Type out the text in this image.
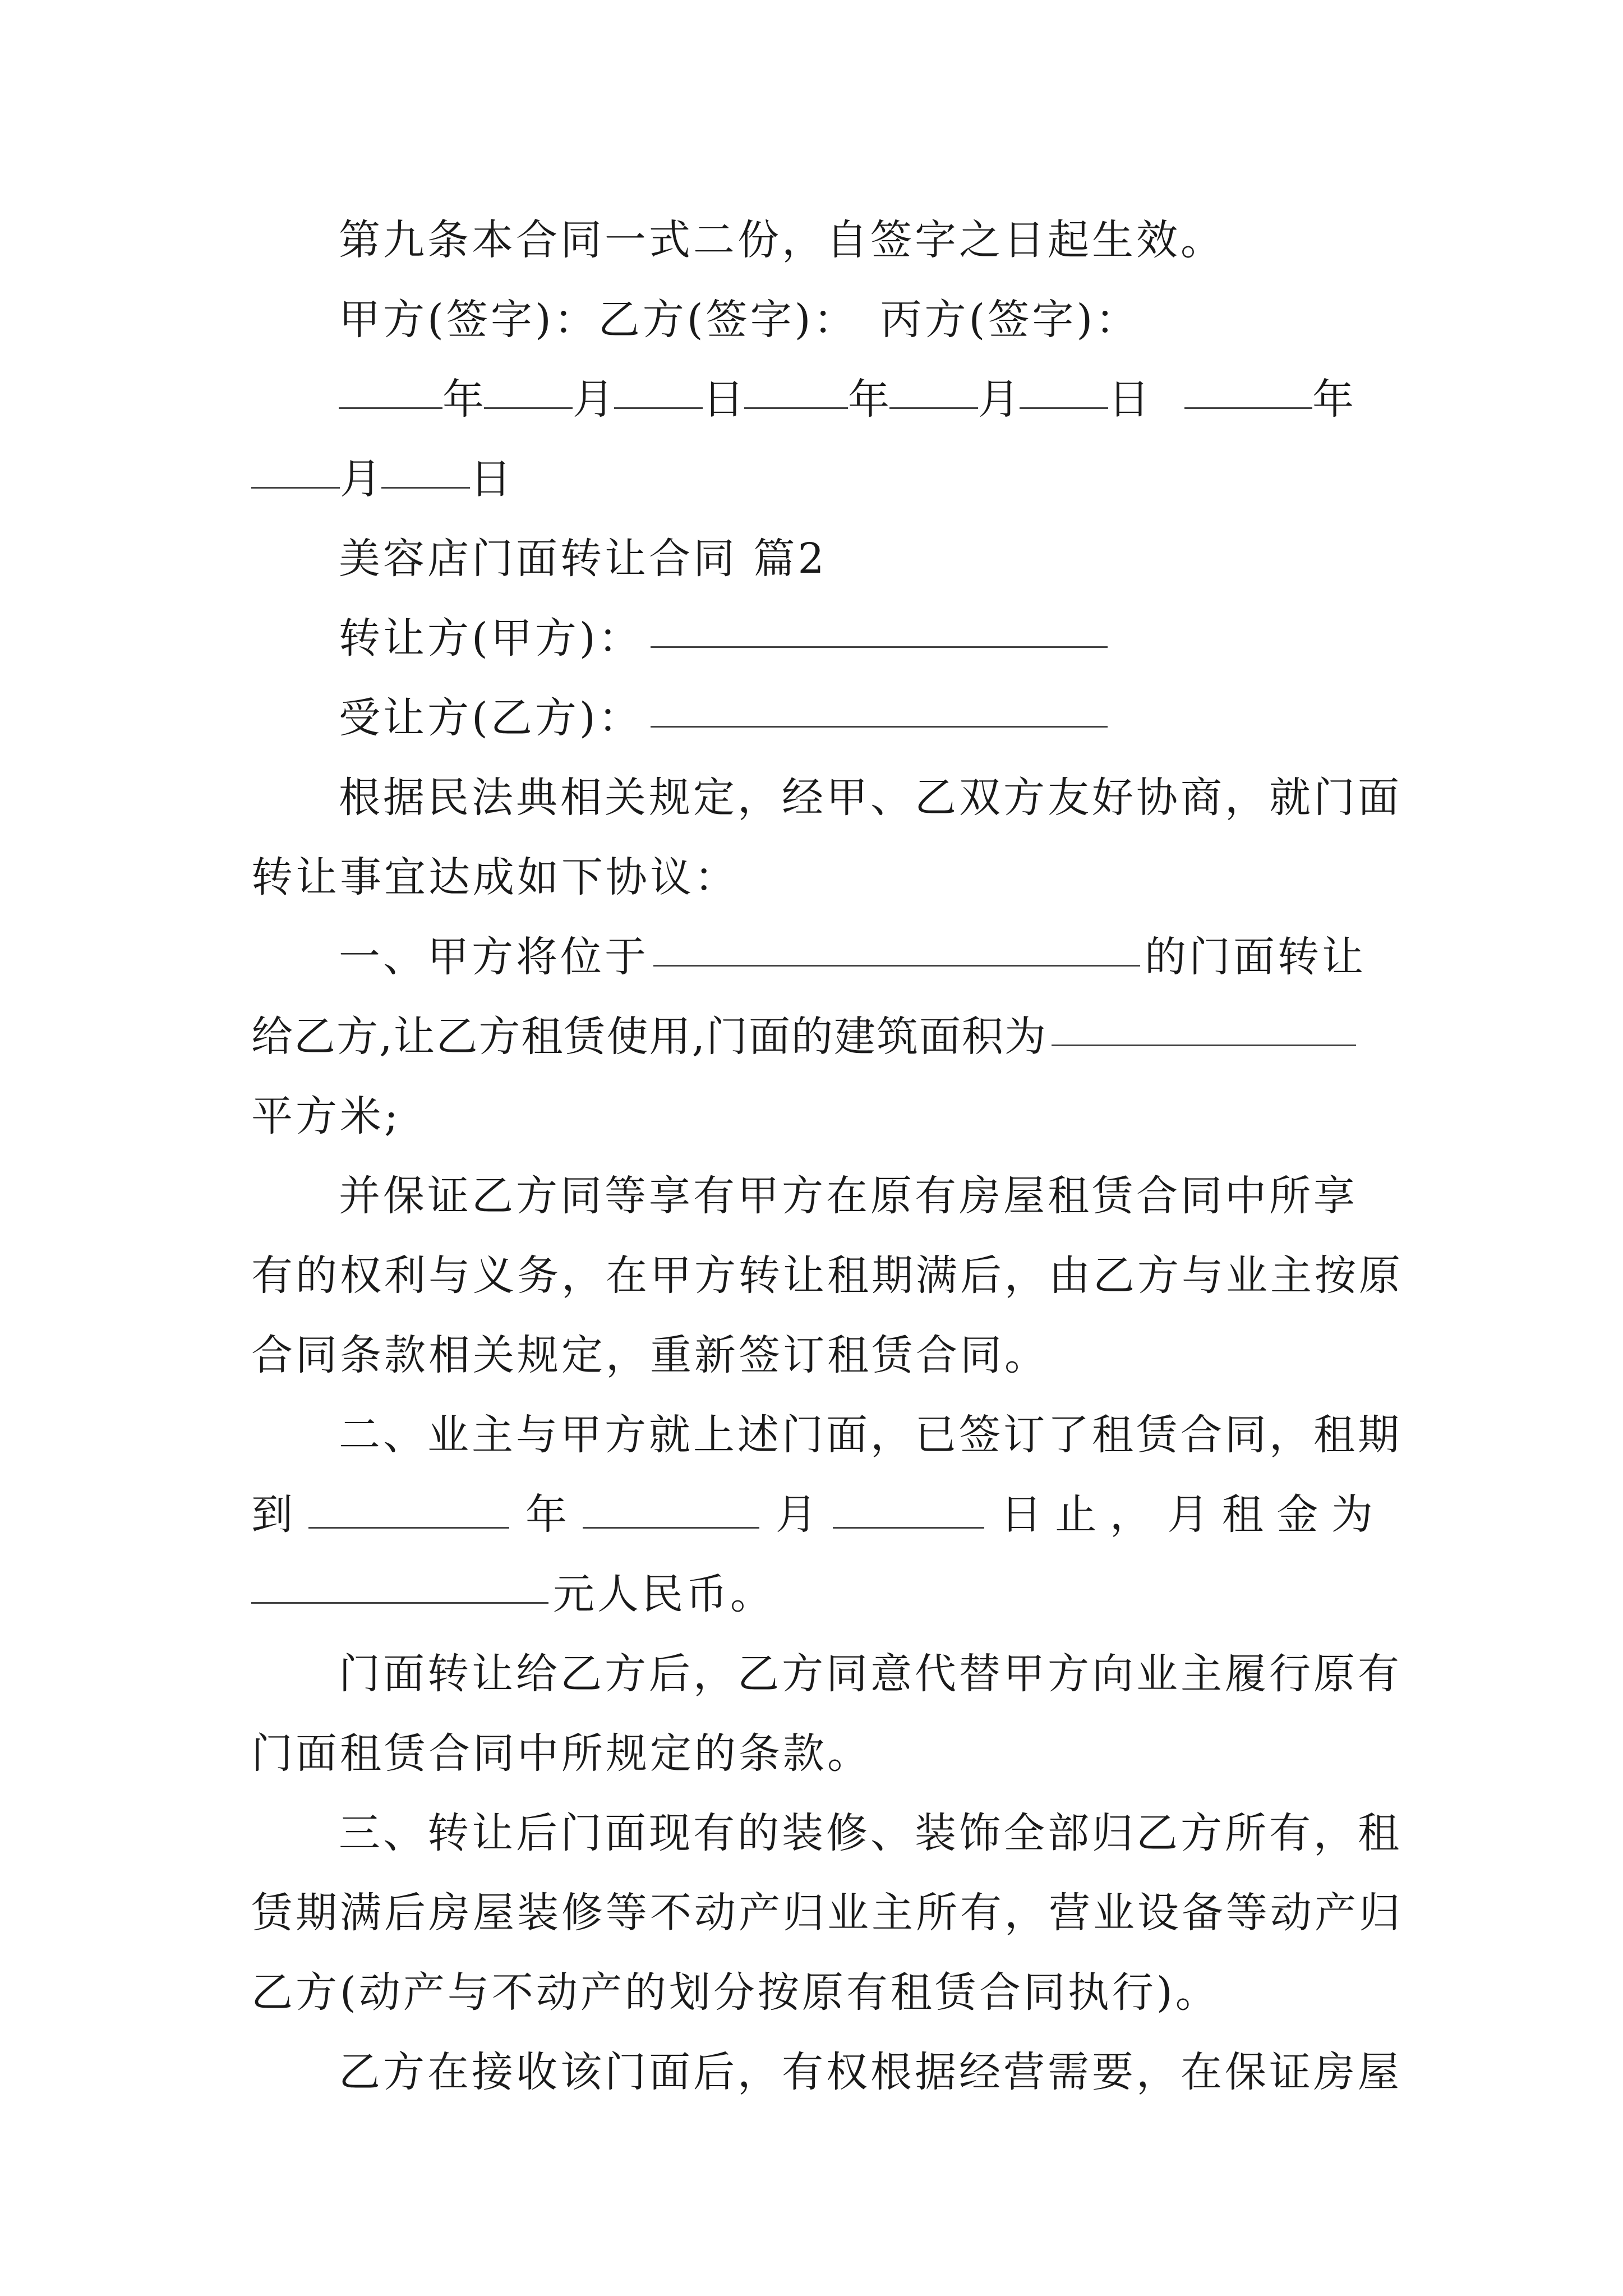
第九条本合同一式二份，自签字之日起生效。
甲方(签字)：乙方(签字)： 丙方(签字)：
年 月 日	年 月 日	年
月 日
美容店门面转让合同 篇2
转让方(甲方)：
受让方(乙方)：
根据民法典相关规定，经甲、乙双方友好协商，就门面
转让事宜达成如下协议：
一、甲方将位于	的门面转让
给乙方,让乙方租赁使用,门面的建筑面积为
平方米;
并保证乙方同等享有甲方在原有房屋租赁合同中所享
有的权利与义务，在甲方转让租期满后，由乙方与业主按原
合同条款相关规定，重新签订租赁合同。
二、业主与甲方就上述门面，已签订了租赁合同，租期
到	年	月	日 止 ， 月 租 金 为
元人民币。
门面转让给乙方后，乙方同意代替甲方向业主履行原有
门面租赁合同中所规定的条款。
三、转让后门面现有的装修、装饰全部归乙方所有，租
赁期满后房屋装修等不动产归业主所有，营业设备等动产归
乙方(动产与不动产的划分按原有租赁合同执行)。
乙方在接收该门面后，有权根据经营需要，在保证房屋
